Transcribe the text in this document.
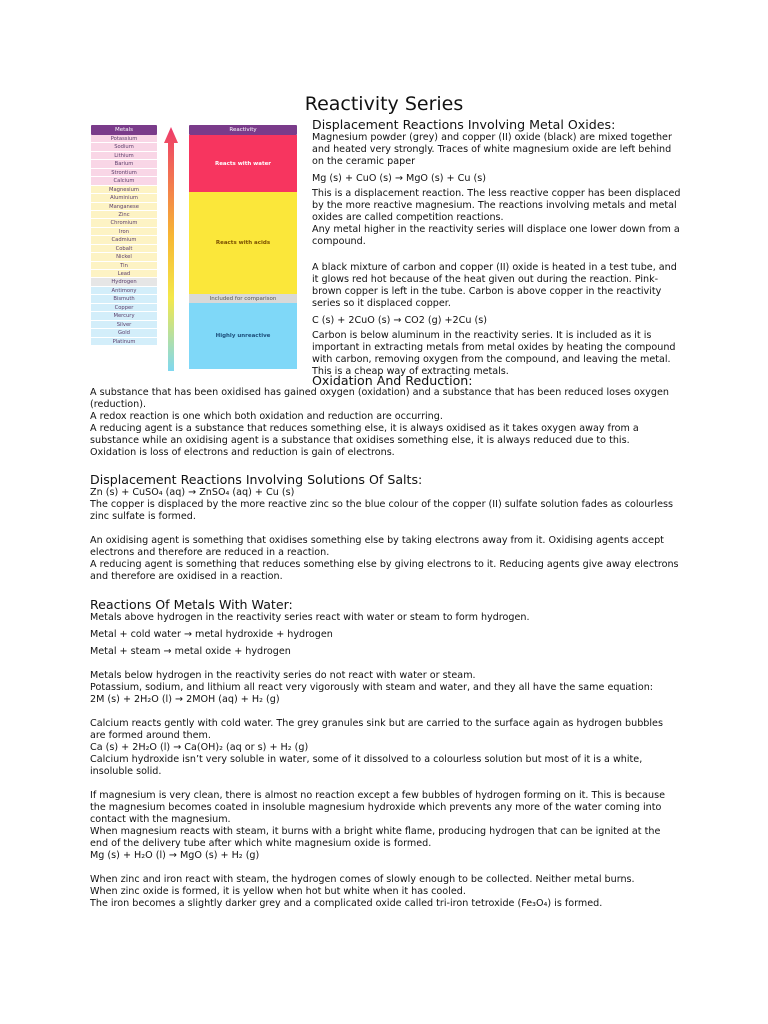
Reactivity Series
Metals
Potassium
Sodium
Lithium
Barium
Strontium
Calcium
Magnesium
Aluminium
Manganese
Zinc
Chromium
Iron
Cadmium
Cobalt
Nickel
Tin
Lead
Hydrogen
Antimony
Bismuth
Copper
Mercury
Silver
Gold
Platinum
Reactivity
Reacts with water
Reacts with acids
Included for comparison
Highly unreactive
Displacement Reactions Involving Metal Oxides:
Magnesium powder (grey) and copper (II) oxide (black) are mixed together and heated very strongly. Traces of white magnesium oxide are left behind on the ceramic paper
Mg (s) + CuO (s) → MgO (s) + Cu (s)
This is a displacement reaction. The less reactive copper has been displaced by the more reactive magnesium. The reactions involving metals and metal oxides are called competition reactions.
Any metal higher in the reactivity series will displace one lower down from a compound.
A black mixture of carbon and copper (II) oxide is heated in a test tube, and it glows red hot because of the heat given out during the reaction. Pink-brown copper is left in the tube. Carbon is above copper in the reactivity series so it displaced copper.
C (s) + 2CuO (s) → CO2 (g) +2Cu (s)
Carbon is below aluminum in the reactivity series. It is included as it is important in extracting metals from metal oxides by heating the compound with carbon, removing oxygen from the compound, and leaving the metal. This is a cheap way of extracting metals.
Oxidation And Reduction:
A substance that has been oxidised has gained oxygen (oxidation) and a substance that has been reduced loses oxygen (reduction).
A redox reaction is one which both oxidation and reduction are occurring.
A reducing agent is a substance that reduces something else, it is always oxidised as it takes oxygen away from a substance while an oxidising agent is a substance that oxidises something else, it is always reduced due to this.
Oxidation is loss of electrons and reduction is gain of electrons.
Displacement Reactions Involving Solutions Of Salts:
Zn (s) + CuSO₄ (aq) → ZnSO₄ (aq) + Cu (s)
The copper is displaced by the more reactive zinc so the blue colour of the copper (II) sulfate solution fades as colourless zinc sulfate is formed.
An oxidising agent is something that oxidises something else by taking electrons away from it. Oxidising agents accept electrons and therefore are reduced in a reaction.
A reducing agent is something that reduces something else by giving electrons to it. Reducing agents give away electrons and therefore are oxidised in a reaction.
Reactions Of Metals With Water:
Metals above hydrogen in the reactivity series react with water or steam to form hydrogen.
Metal + cold water → metal hydroxide + hydrogen
Metal + steam → metal oxide + hydrogen
Metals below hydrogen in the reactivity series do not react with water or steam.
Potassium, sodium, and lithium all react very vigorously with steam and water, and they all have the same equation:
2M (s) + 2H₂O (l) → 2MOH (aq) + H₂ (g)
Calcium reacts gently with cold water. The grey granules sink but are carried to the surface again as hydrogen bubbles are formed around them.
Ca (s) + 2H₂O (l) → Ca(OH)₂ (aq or s) + H₂ (g)
Calcium hydroxide isn’t very soluble in water, some of it dissolved to a colourless solution but most of it is a white, insoluble solid.
If magnesium is very clean, there is almost no reaction except a few bubbles of hydrogen forming on it. This is because the magnesium becomes coated in insoluble magnesium hydroxide which prevents any more of the water coming into contact with the magnesium.
When magnesium reacts with steam, it burns with a bright white flame, producing hydrogen that can be ignited at the end of the delivery tube after which white magnesium oxide is formed.
Mg (s) + H₂O (l) → MgO (s) + H₂ (g)
When zinc and iron react with steam, the hydrogen comes of slowly enough to be collected. Neither metal burns.
When zinc oxide is formed, it is yellow when hot but white when it has cooled.
The iron becomes a slightly darker grey and a complicated oxide called tri-iron tetroxide (Fe₃O₄) is formed.
